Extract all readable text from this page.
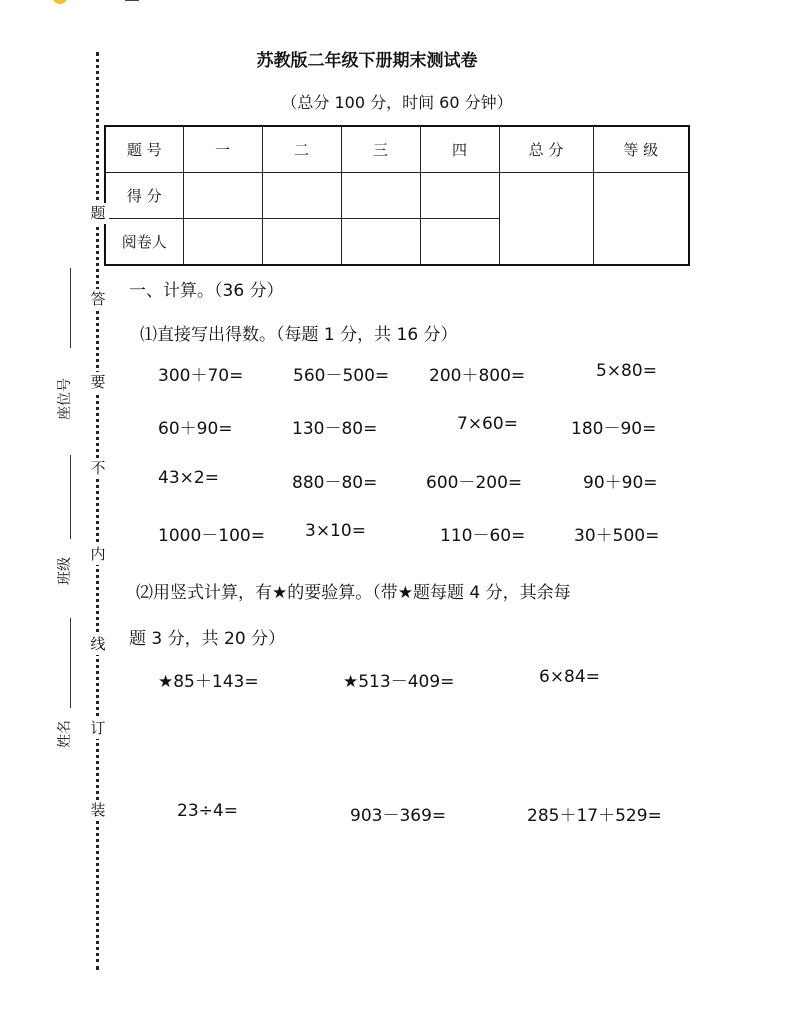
苏教版二年级下册期末测试卷
（总分 100 分，时间 60 分钟）
题 号	一	二	三	四	总 分	等 级
得 分						
阅卷人						
题
答
要
不
内
线
订
装
座位号
班级
姓名
一、计算。（36 分）
⑴直接写出得数。（每题 1 分，共 16 分）
300＋70=	560－500= 200＋800=	5×80=
60＋90=	130－80=	7×60=	180－90=
43×2=	880－80=	600－200=	90＋90=
1000－100= 3×10=	110－60=	30＋500=
⑵用竖式计算，有★的要验算。（带★题每题 4 分，其余每
题 3 分，共 20 分）
★85＋143=	★513－409=	6×84=
23÷4=	903－369=	285＋17＋529=
